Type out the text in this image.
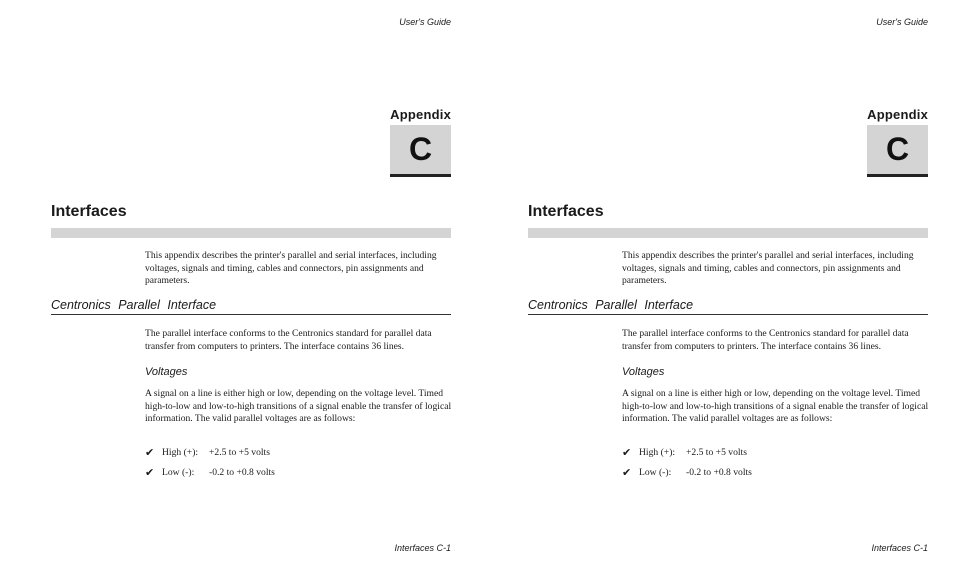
User's Guide
Appendix
C
Interfaces
This appendix describes the printer's parallel and serial interfaces, including voltages, signals and timing, cables and connectors, pin assignments and parameters.
Centronics Parallel Interface
The parallel interface conforms to the Centronics standard for parallel data transfer from computers to printers. The interface contains 36 lines.
Voltages
A signal on a line is either high or low, depending on the voltage level. Timed high-to-low and low-to-high transitions of a signal enable the transfer of logical information. The valid parallel voltages are as follows:
✔ High (+):	+2.5 to +5 volts
✔ Low (-):	-0.2 to +0.8 volts
Interfaces C-1
User's Guide
Appendix
C
Interfaces
This appendix describes the printer's parallel and serial interfaces, including voltages, signals and timing, cables and connectors, pin assignments and parameters.
Centronics Parallel Interface
The parallel interface conforms to the Centronics standard for parallel data transfer from computers to printers. The interface contains 36 lines.
Voltages
A signal on a line is either high or low, depending on the voltage level. Timed high-to-low and low-to-high transitions of a signal enable the transfer of logical information. The valid parallel voltages are as follows:
✔ High (+):	+2.5 to +5 volts
✔ Low (-):	-0.2 to +0.8 volts
Interfaces C-1
